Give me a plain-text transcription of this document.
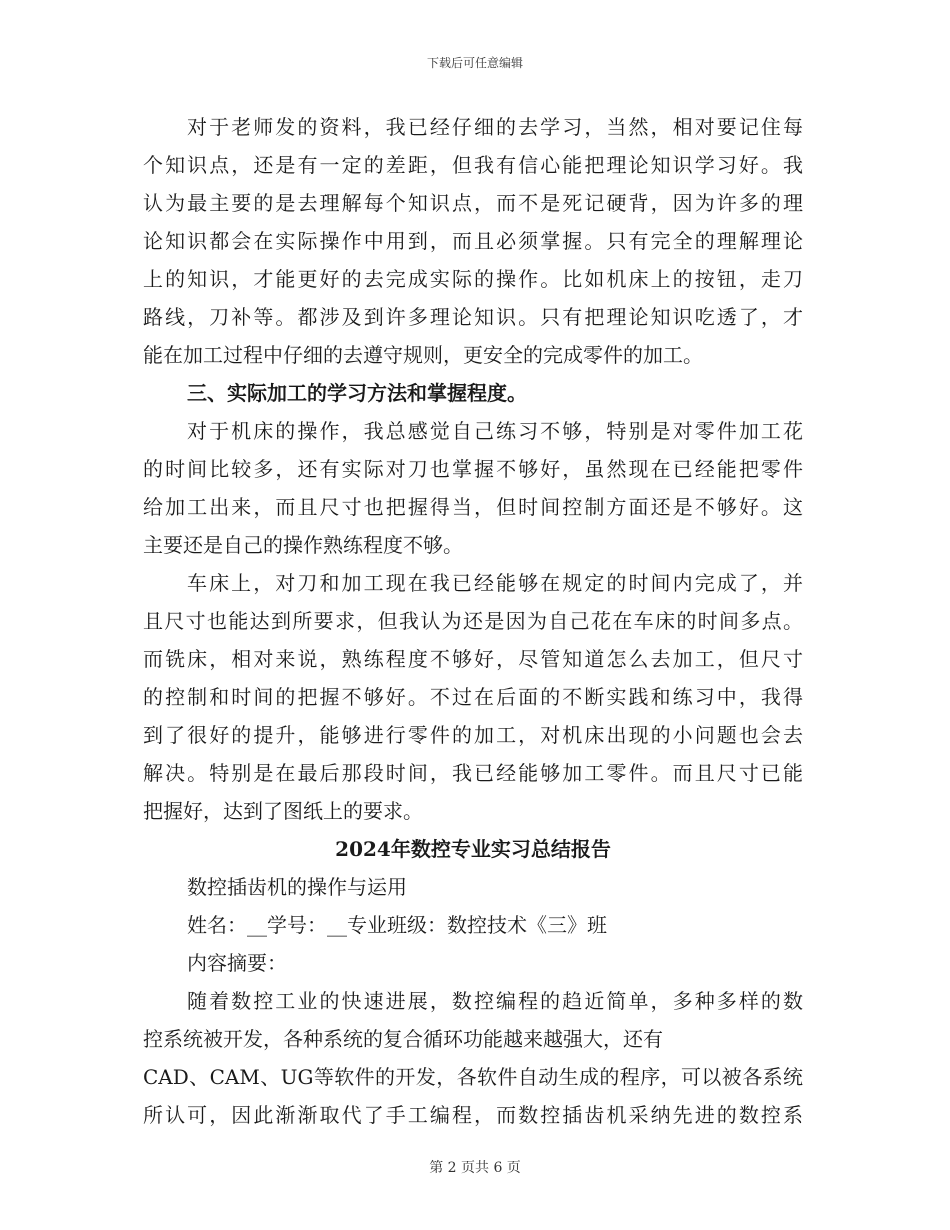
下载后可任意编辑
对于老师发的资料，我已经仔细的去学习，当然，相对要记住每
个知识点，还是有一定的差距，但我有信心能把理论知识学习好。我
认为最主要的是去理解每个知识点，而不是死记硬背，因为许多的理
论知识都会在实际操作中用到，而且必须掌握。只有完全的理解理论
上的知识，才能更好的去完成实际的操作。比如机床上的按钮，走刀
路线，刀补等。都涉及到许多理论知识。只有把理论知识吃透了，才
能在加工过程中仔细的去遵守规则，更安全的完成零件的加工。
三、实际加工的学习方法和掌握程度。
对于机床的操作，我总感觉自己练习不够，特别是对零件加工花
的时间比较多，还有实际对刀也掌握不够好，虽然现在已经能把零件
给加工出来，而且尺寸也把握得当，但时间控制方面还是不够好。这
主要还是自己的操作熟练程度不够。
车床上，对刀和加工现在我已经能够在规定的时间内完成了，并
且尺寸也能达到所要求，但我认为还是因为自己花在车床的时间多点。
而铣床，相对来说，熟练程度不够好，尽管知道怎么去加工，但尺寸
的控制和时间的把握不够好。不过在后面的不断实践和练习中，我得
到了很好的提升，能够进行零件的加工，对机床出现的小问题也会去
解决。特别是在最后那段时间，我已经能够加工零件。而且尺寸已能
把握好，达到了图纸上的要求。
2024年数控专业实习总结报告
数控插齿机的操作与运用
姓名：__学号：__专业班级：数控技术《三》班
内容摘要：
随着数控工业的快速进展，数控编程的趋近简单，多种多样的数
控系统被开发，各种系统的复合循环功能越来越强大，还有
CAD、CAM、UG等软件的开发，各软件自动生成的程序，可以被各系统
所认可，因此渐渐取代了手工编程，而数控插齿机采纳先进的数控系
第 2 页共 6 页
